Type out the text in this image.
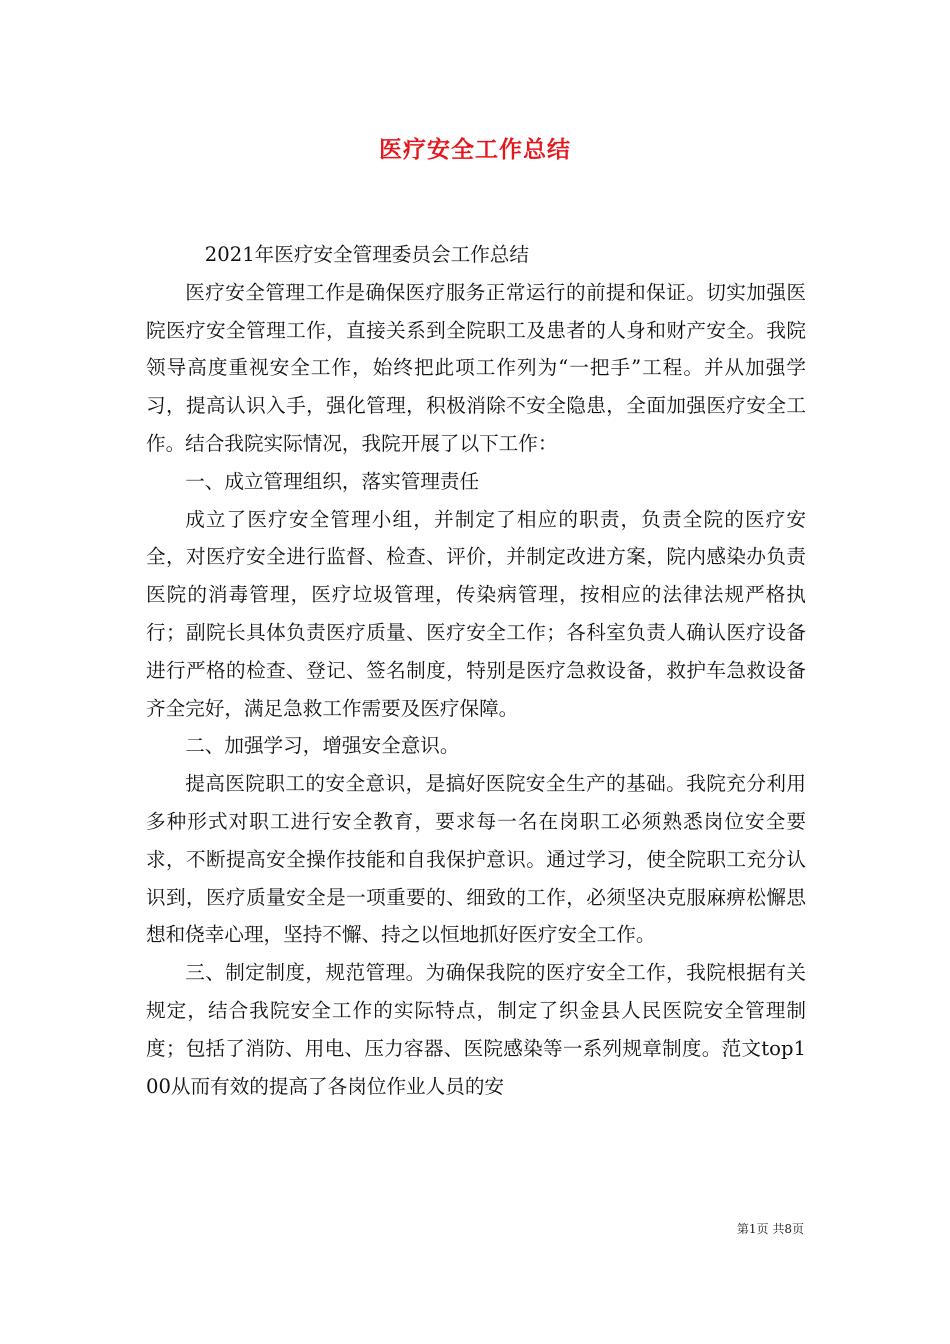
医疗安全工作总结

2021年医疗安全管理委员会工作总结

医疗安全管理工作是确保医疗服务正常运行的前提和保证。切实加强医院医疗安全管理工作，直接关系到全院职工及患者的人身和财产安全。我院领导高度重视安全工作，始终把此项工作列为“一把手”工程。并从加强学习，提高认识入手，强化管理，积极消除不安全隐患，全面加强医疗安全工作。结合我院实际情况，我院开展了以下工作：

一、成立管理组织，落实管理责任

成立了医疗安全管理小组，并制定了相应的职责，负责全院的医疗安全，对医疗安全进行监督、检查、评价，并制定改进方案，院内感染办负责医院的消毒管理，医疗垃圾管理，传染病管理，按相应的法律法规严格执行；副院长具体负责医疗质量、医疗安全工作；各科室负责人确认医疗设备进行严格的检查、登记、签名制度，特别是医疗急救设备，救护车急救设备齐全完好，满足急救工作需要及医疗保障。

二、加强学习，增强安全意识。

提高医院职工的安全意识，是搞好医院安全生产的基础。我院充分利用多种形式对职工进行安全教育，要求每一名在岗职工必须熟悉岗位安全要求，不断提高安全操作技能和自我保护意识。通过学习，使全院职工充分认识到，医疗质量安全是一项重要的、细致的工作，必须坚决克服麻痹松懈思想和侥幸心理，坚持不懈、持之以恒地抓好医疗安全工作。

三、制定制度，规范管理。为确保我院的医疗安全工作，我院根据有关规定，结合我院安全工作的实际特点，制定了织金县人民医院安全管理制度；包括了消防、用电、压力容器、医院感染等一系列规章制度。范文top100从而有效的提高了各岗位作业人员的安

第1页 共8页
